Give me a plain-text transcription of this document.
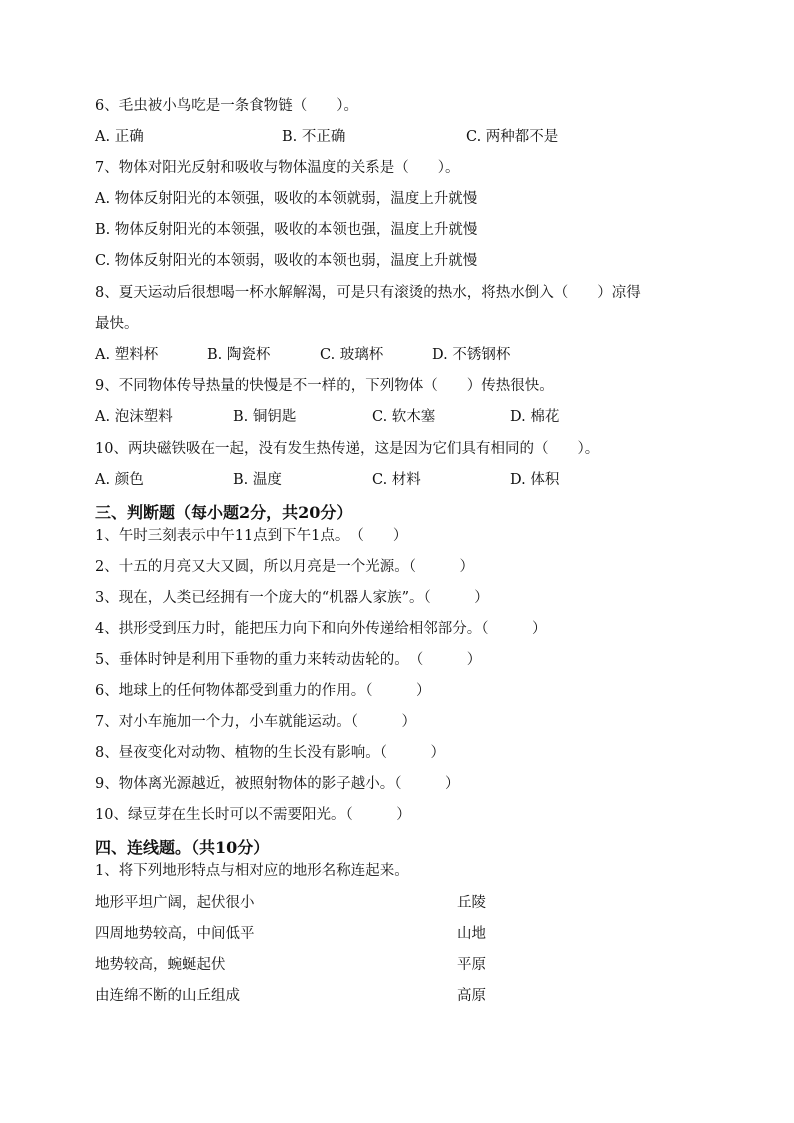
6、毛虫被小鸟吃是一条食物链（　　）。
A. 正确	B. 不正确	C. 两种都不是
7、物体对阳光反射和吸收与物体温度的关系是（　　）。
A. 物体反射阳光的本领强，吸收的本领就弱，温度上升就慢
B. 物体反射阳光的本领强，吸收的本领也强，温度上升就慢
C. 物体反射阳光的本领弱，吸收的本领也弱，温度上升就慢
8、夏天运动后很想喝一杯水解解渴，可是只有滚烫的热水，将热水倒入（　　）凉得
最快。
A. 塑料杯	B. 陶瓷杯	C. 玻璃杯	D. 不锈钢杯
9、不同物体传导热量的快慢是不一样的，下列物体（　　）传热很快。
A. 泡沫塑料	B. 铜钥匙	C. 软木塞	D. 棉花
10、两块磁铁吸在一起，没有发生热传递，这是因为它们具有相同的（　　）。
A. 颜色	B. 温度	C. 材料	D. 体积
三、判断题（每小题2分，共20分）
1、午时三刻表示中午11点到下午1点。　（　　）
2、十五的月亮又大又圆，所以月亮是一个光源。（　　　）
3、现在，人类已经拥有一个庞大的“机器人家族”。（　　　）
4、拱形受到压力时，能把压力向下和向外传递给相邻部分。（　　　）
5、垂体时钟是利用下垂物的重力来转动齿轮的。　（　　　）
6、地球上的任何物体都受到重力的作用。（　　　）
7、对小车施加一个力，小车就能运动。（　　　）
8、昼夜变化对动物、植物的生长没有影响。（　　　）
9、物体离光源越近，被照射物体的影子越小。（　　　）
10、绿豆芽在生长时可以不需要阳光。（　　　）
四、连线题。（共10分）
1、将下列地形特点与相对应的地形名称连起来。
地形平坦广阔，起伏很小	丘陵
四周地势较高，中间低平	山地
地势较高，蜿蜒起伏	平原
由连绵不断的山丘组成	高原
